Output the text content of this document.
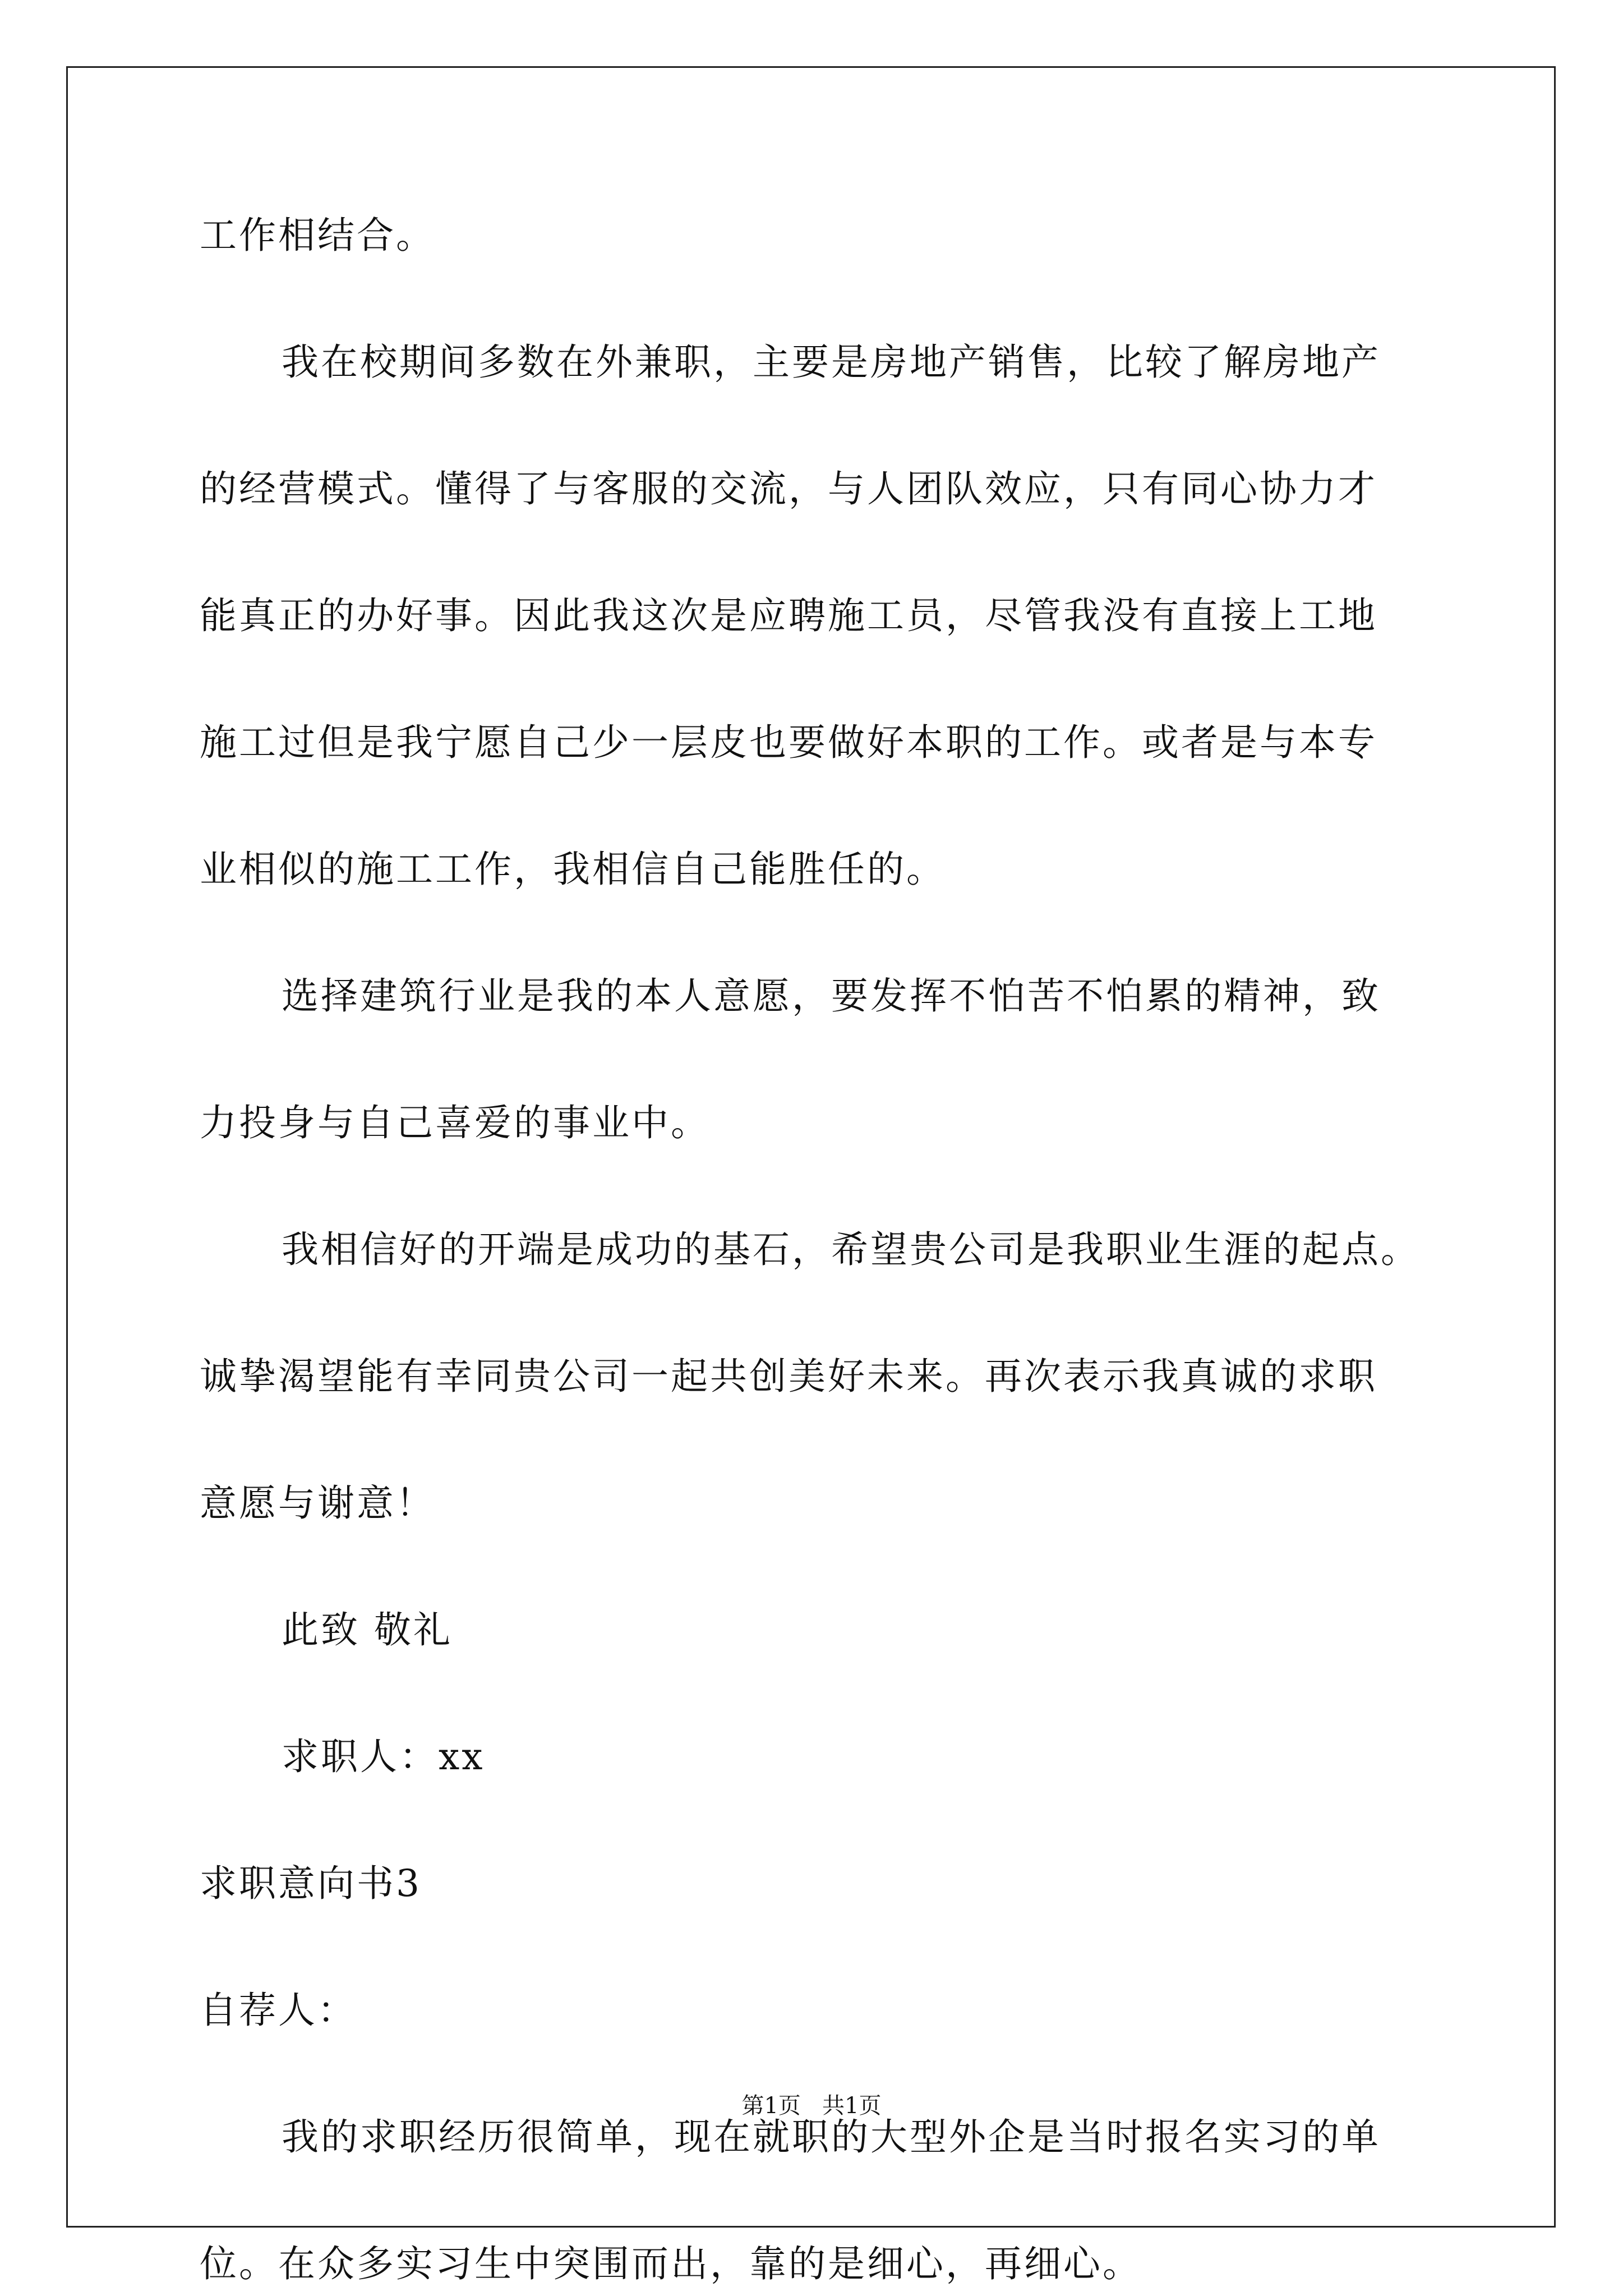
工作相结合。
我在校期间多数在外兼职，主要是房地产销售，比较了解房地产
的经营模式。懂得了与客服的交流，与人团队效应，只有同心协力才
能真正的办好事。因此我这次是应聘施工员，尽管我没有直接上工地
施工过但是我宁愿自己少一层皮也要做好本职的工作。或者是与本专
业相似的施工工作，我相信自己能胜任的。
选择建筑行业是我的本人意愿，要发挥不怕苦不怕累的精神，致
力投身与自己喜爱的事业中。
我相信好的开端是成功的基石，希望贵公司是我职业生涯的起点。
诚挚渴望能有幸同贵公司一起共创美好未来。再次表示我真诚的求职
意愿与谢意！
此致 敬礼
求职人：xx
求职意向书3
自荐人：
我的求职经历很简单，现在就职的大型外企是当时报名实习的单
位。在众多实习生中突围而出，靠的是细心，再细心。
第1页   共1页
